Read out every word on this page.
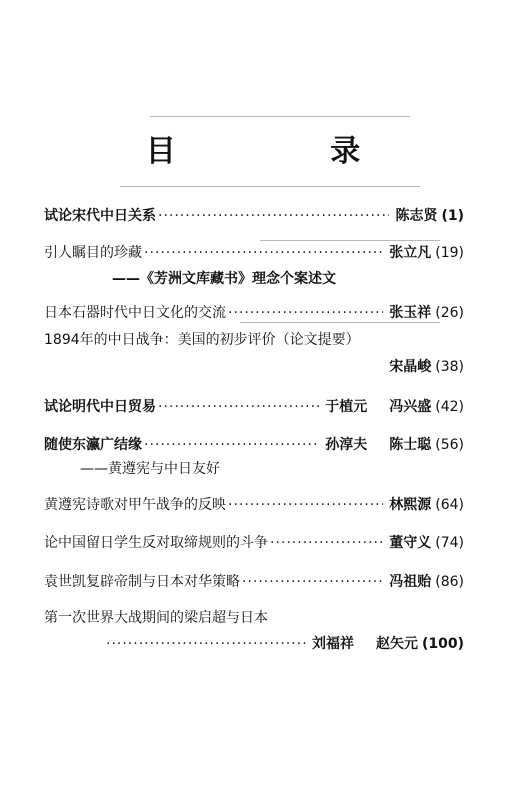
目 录
试论宋代中日关系 ·····	陈志贤 (1)
引人瞩目的珍藏 ·····	张立凡 (19)
——《芳洲文库藏书》理念个案述文
日本石器时代中日文化的交流 ·····	张玉祥 (26)
1894年的中日战争：美国的初步评价（论文提要）
宋晶峻 (38)
试论明代中日贸易 ·····	于植元 冯兴盛 (42)
随使东瀛广结缘 ·····	孙淳夫 陈士聪 (56)
——黄遵宪与中日友好
黄遵宪诗歌对甲午战争的反映 ·····	林熙源 (64)
论中国留日学生反对取缔规则的斗争 ·····	董守义 (74)
袁世凯复辟帝制与日本对华策略 ·····	冯祖贻 (86)
第一次世界大战期间的梁启超与日本
·····
刘福祥 赵矢元 (100)
